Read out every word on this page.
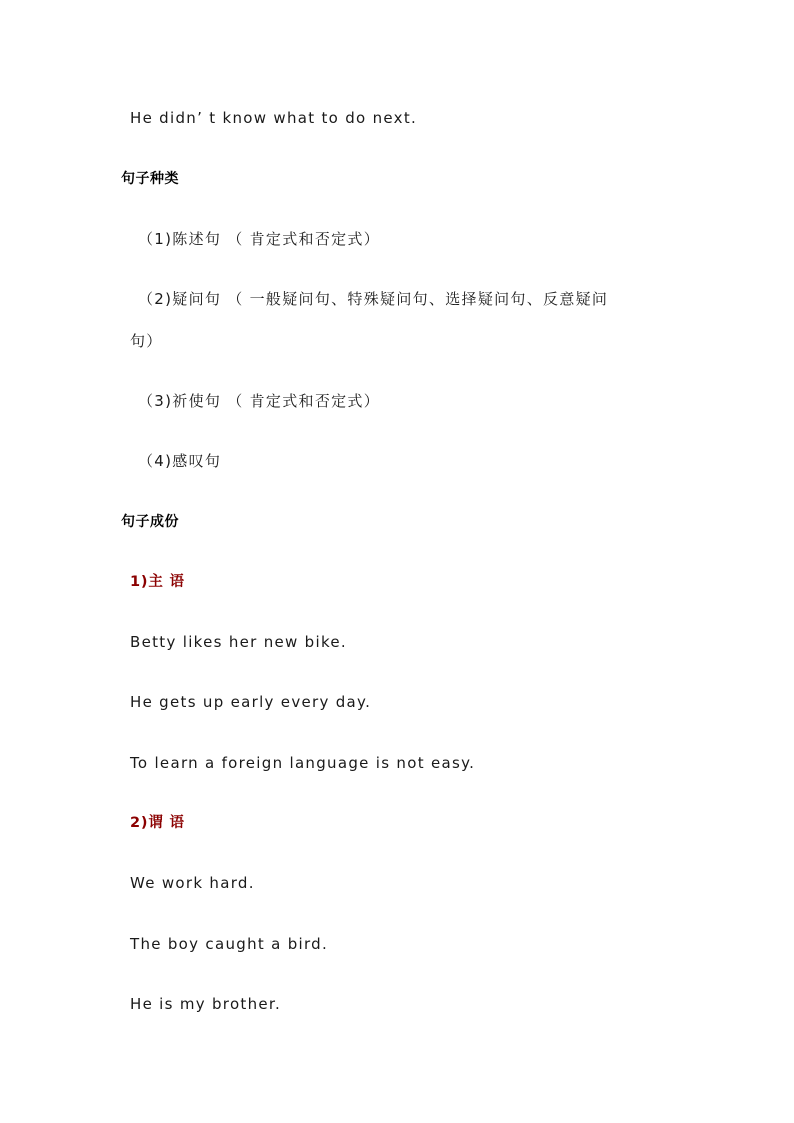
He didn’ t know what to do next.
句子种类
（1)陈述句 （ 肯定式和否定式）
（2)疑问句 （ 一般疑问句、特殊疑问句、选择疑问句、反意疑问
句）
（3)祈使句 （ 肯定式和否定式）
（4)感叹句
句子成份
1)主 语
Betty likes her new bike.
He gets up early every day.
To learn a foreign language is not easy.
2)谓 语
We work hard.
The boy caught a bird.
He is my brother.
